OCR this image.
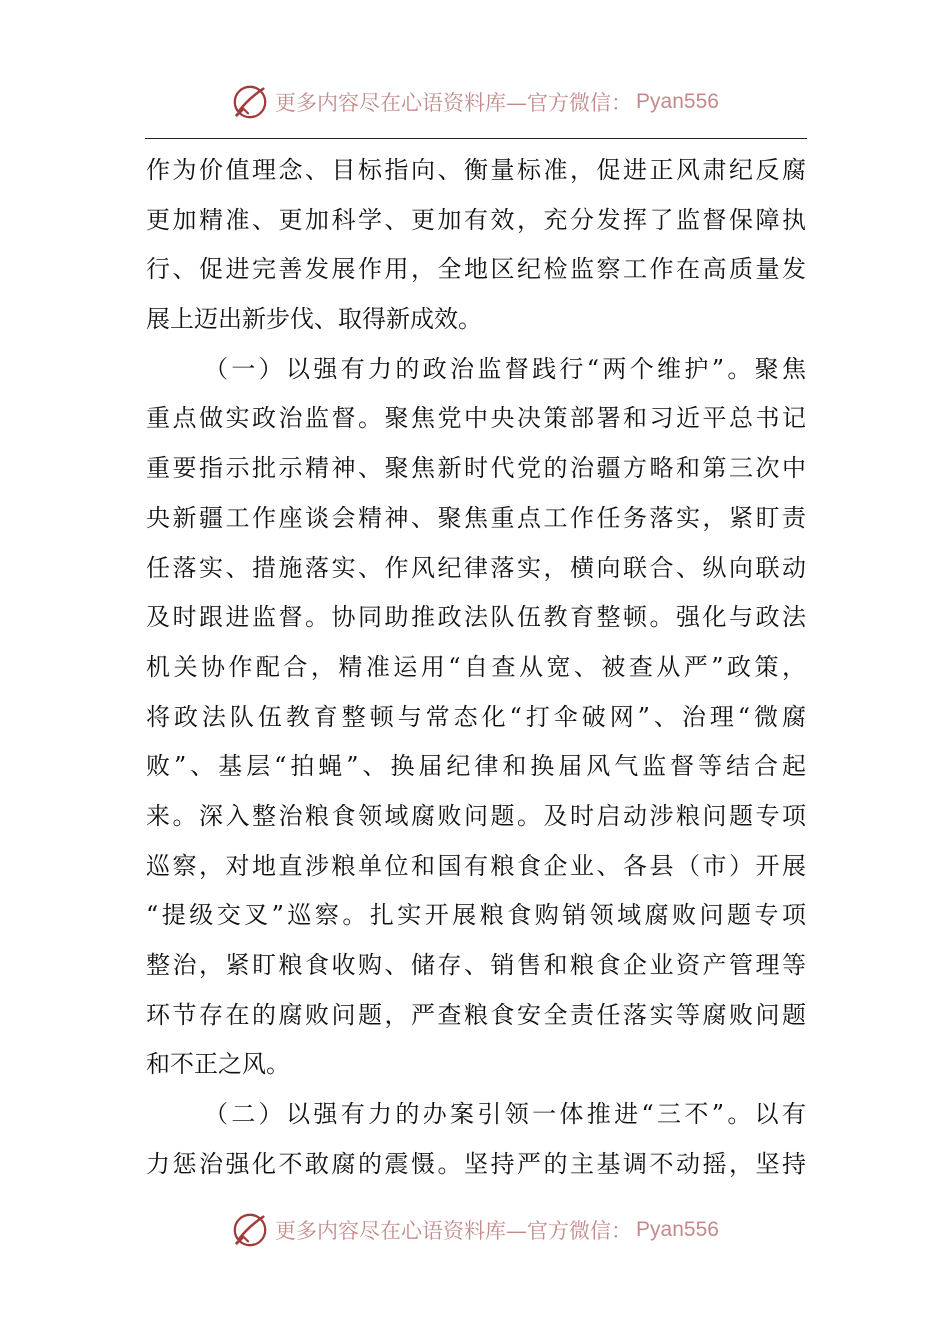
更多内容尽在心语资料库—官方微信： Pyan556
作为价值理念、目标指向、衡量标准，促进正风肃纪反腐
更加精准、更加科学、更加有效，充分发挥了监督保障执
行、促进完善发展作用，全地区纪检监察工作在高质量发
展上迈出新步伐、取得新成效。
（一）以强有力的政治监督践行“两个维护”。聚焦
重点做实政治监督。聚焦党中央决策部署和习近平总书记
重要指示批示精神、聚焦新时代党的治疆方略和第三次中
央新疆工作座谈会精神、聚焦重点工作任务落实，紧盯责
任落实、措施落实、作风纪律落实，横向联合、纵向联动
及时跟进监督。协同助推政法队伍教育整顿。强化与政法
机关协作配合，精准运用“自查从宽、被查从严”政策，
将政法队伍教育整顿与常态化“打伞破网”、治理“微腐
败”、基层“拍蝇”、换届纪律和换届风气监督等结合起
来。深入整治粮食领域腐败问题。及时启动涉粮问题专项
巡察，对地直涉粮单位和国有粮食企业、各县（市）开展
“提级交叉”巡察。扎实开展粮食购销领域腐败问题专项
整治，紧盯粮食收购、储存、销售和粮食企业资产管理等
环节存在的腐败问题，严查粮食安全责任落实等腐败问题
和不正之风。
（二）以强有力的办案引领一体推进“三不”。以有
力惩治强化不敢腐的震慑。坚持严的主基调不动摇，坚持
更多内容尽在心语资料库—官方微信： Pyan556
